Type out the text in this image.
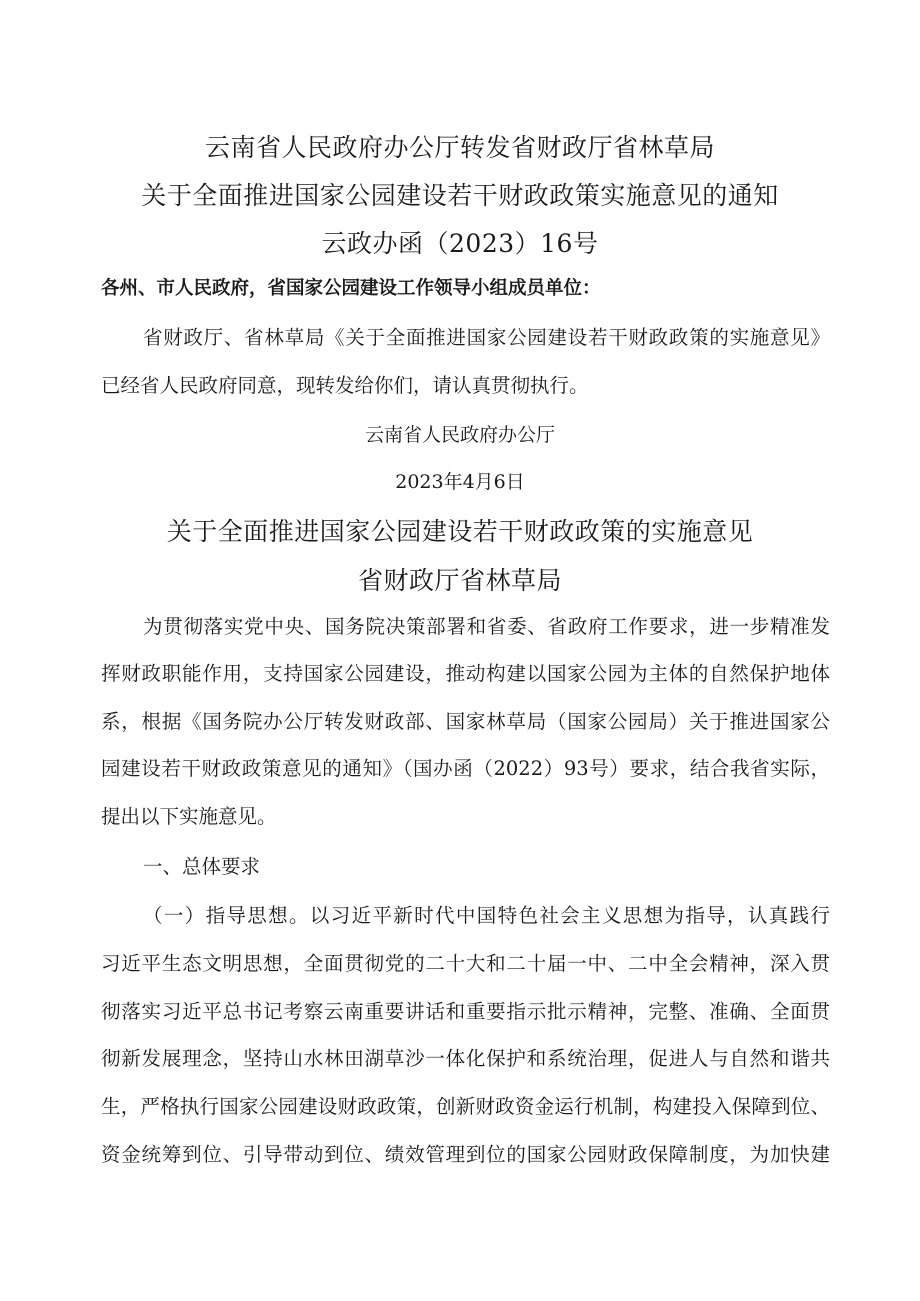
云南省人民政府办公厅转发省财政厅省林草局
关于全面推进国家公园建设若干财政政策实施意见的通知
云政办函（2023）16号
各州、市人民政府，省国家公园建设工作领导小组成员单位：
省财政厅、省林草局《关于全面推进国家公园建设若干财政政策的实施意见》
已经省人民政府同意，现转发给你们，请认真贯彻执行。
云南省人民政府办公厅
2023年4月6日
关于全面推进国家公园建设若干财政政策的实施意见
省财政厅省林草局
为贯彻落实党中央、国务院决策部署和省委、省政府工作要求，进一步精准发
挥财政职能作用，支持国家公园建设，推动构建以国家公园为主体的自然保护地体
系，根据《国务院办公厅转发财政部、国家林草局（国家公园局）关于推进国家公
园建设若干财政政策意见的通知》（国办函（2022）93号）要求，结合我省实际，
提出以下实施意见。
一、总体要求
（一）指导思想。以习近平新时代中国特色社会主义思想为指导，认真践行
习近平生态文明思想，全面贯彻党的二十大和二十届一中、二中全会精神，深入贯
彻落实习近平总书记考察云南重要讲话和重要指示批示精神，完整、准确、全面贯
彻新发展理念，坚持山水林田湖草沙一体化保护和系统治理，促进人与自然和谐共
生，严格执行国家公园建设财政政策，创新财政资金运行机制，构建投入保障到位、
资金统筹到位、引导带动到位、绩效管理到位的国家公园财政保障制度，为加快建
